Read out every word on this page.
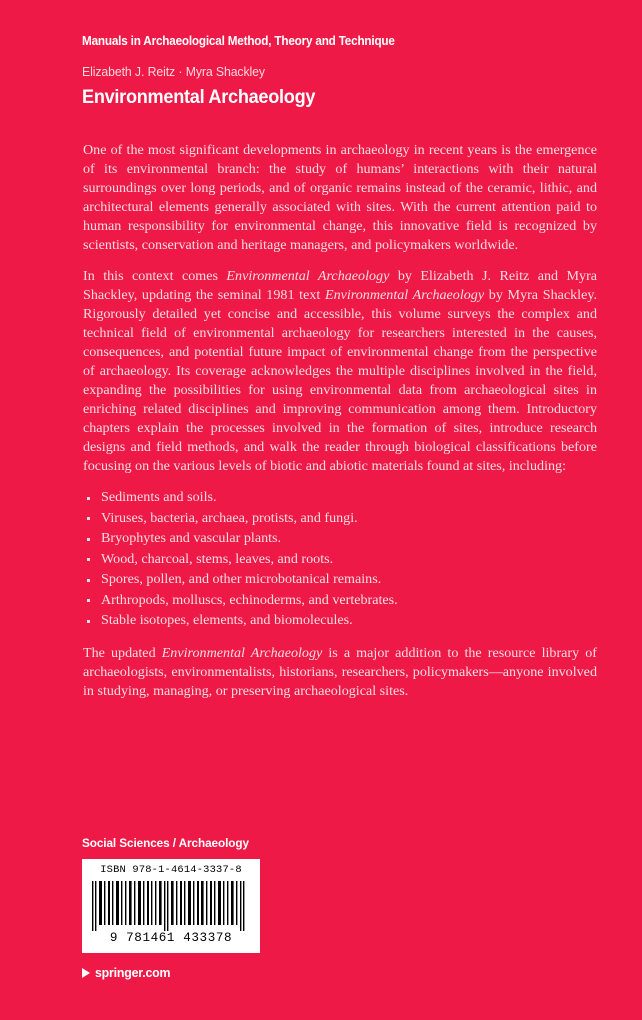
Manuals in Archaeological Method, Theory and Technique
Elizabeth J. Reitz · Myra Shackley
Environmental Archaeology

One of the most significant developments in archaeology in recent years is the emergence of its environmental branch: the study of humans’ interactions with their natural surroundings over long periods, and of organic remains instead of the ceramic, lithic, and architectural elements generally associated with sites. With the current attention paid to human responsibility for environmental change, this innovative field is recognized by scientists, conservation and heritage managers, and policymakers worldwide.

In this context comes Environmental Archaeology by Elizabeth J. Reitz and Myra Shackley, updating the seminal 1981 text Environmental Archaeology by Myra Shackley. Rigorously detailed yet concise and accessible, this volume surveys the complex and technical field of environmental archaeology for researchers interested in the causes, consequences, and potential future impact of environmental change from the perspective of archaeology. Its coverage acknowledges the multiple disciplines involved in the field, expanding the possibilities for using environmental data from archaeological sites in enriching related disciplines and improving communication among them. Introductory chapters explain the processes involved in the formation of sites, introduce research designs and field methods, and walk the reader through biological classifications before focusing on the various levels of biotic and abiotic materials found at sites, including:

Sediments and soils.
Viruses, bacteria, archaea, protists, and fungi.
Bryophytes and vascular plants.
Wood, charcoal, stems, leaves, and roots.
Spores, pollen, and other microbotanical remains.
Arthropods, molluscs, echinoderms, and vertebrates.
Stable isotopes, elements, and biomolecules.

The updated Environmental Archaeology is a major addition to the resource library of archaeologists, environmentalists, historians, researchers, policymakers—anyone involved in studying, managing, or preserving archaeological sites.

Social Sciences / Archaeology
ISBN 978-1-4614-3337-8
9 781461 433378
springer.com
